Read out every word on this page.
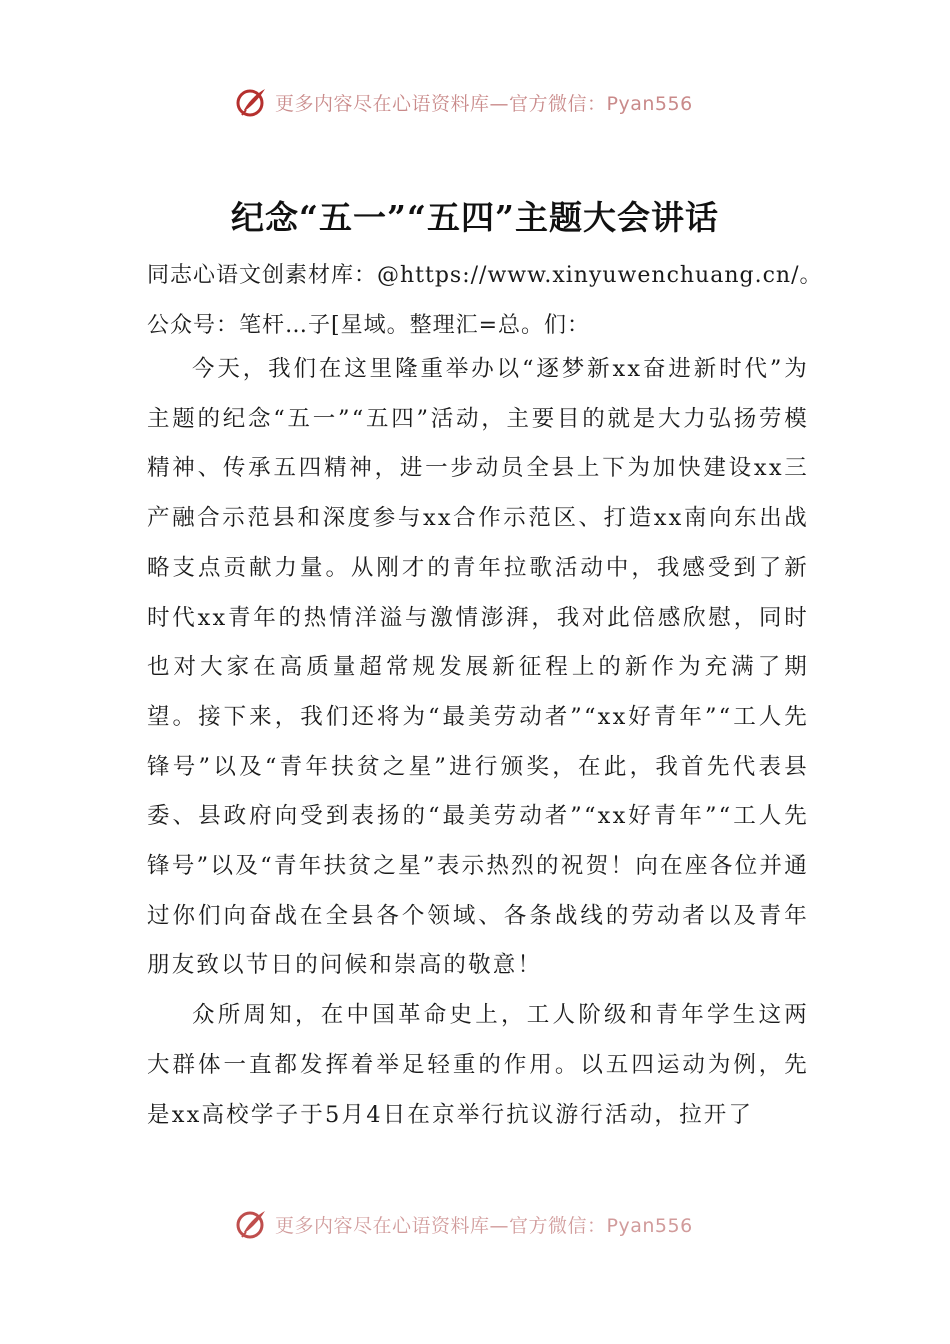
更多内容尽在心语资料库—官方微信：Pyan556
纪念“五一”“五四”主题大会讲话
同志心语文创素材库：@https://www.xinyuwenchuang.cn/。
公众号：笔杆…子[星域。整理汇=总。们：

今天，我们在这里隆重举办以“逐梦新xx奋进新时代”为主题的纪念“五一”“五四”活动，主要目的就是大力弘扬劳模精神、传承五四精神，进一步动员全县上下为加快建设xx三产融合示范县和深度参与xx合作示范区、打造xx南向东出战略支点贡献力量。从刚才的青年拉歌活动中，我感受到了新时代xx青年的热情洋溢与激情澎湃，我对此倍感欣慰，同时也对大家在高质量超常规发展新征程上的新作为充满了期望。接下来，我们还将为“最美劳动者”“xx好青年”“工人先锋号”以及“青年扶贫之星”进行颁奖，在此，我首先代表县委、县政府向受到表扬的“最美劳动者”“xx好青年”“工人先锋号”以及“青年扶贫之星”表示热烈的祝贺！向在座各位并通过你们向奋战在全县各个领域、各条战线的劳动者以及青年朋友致以节日的问候和崇高的敬意！

众所周知，在中国革命史上，工人阶级和青年学生这两大群体一直都发挥着举足轻重的作用。以五四运动为例，先是xx高校学子于5月4日在京举行抗议游行活动，拉开了

更多内容尽在心语资料库—官方微信：Pyan556
